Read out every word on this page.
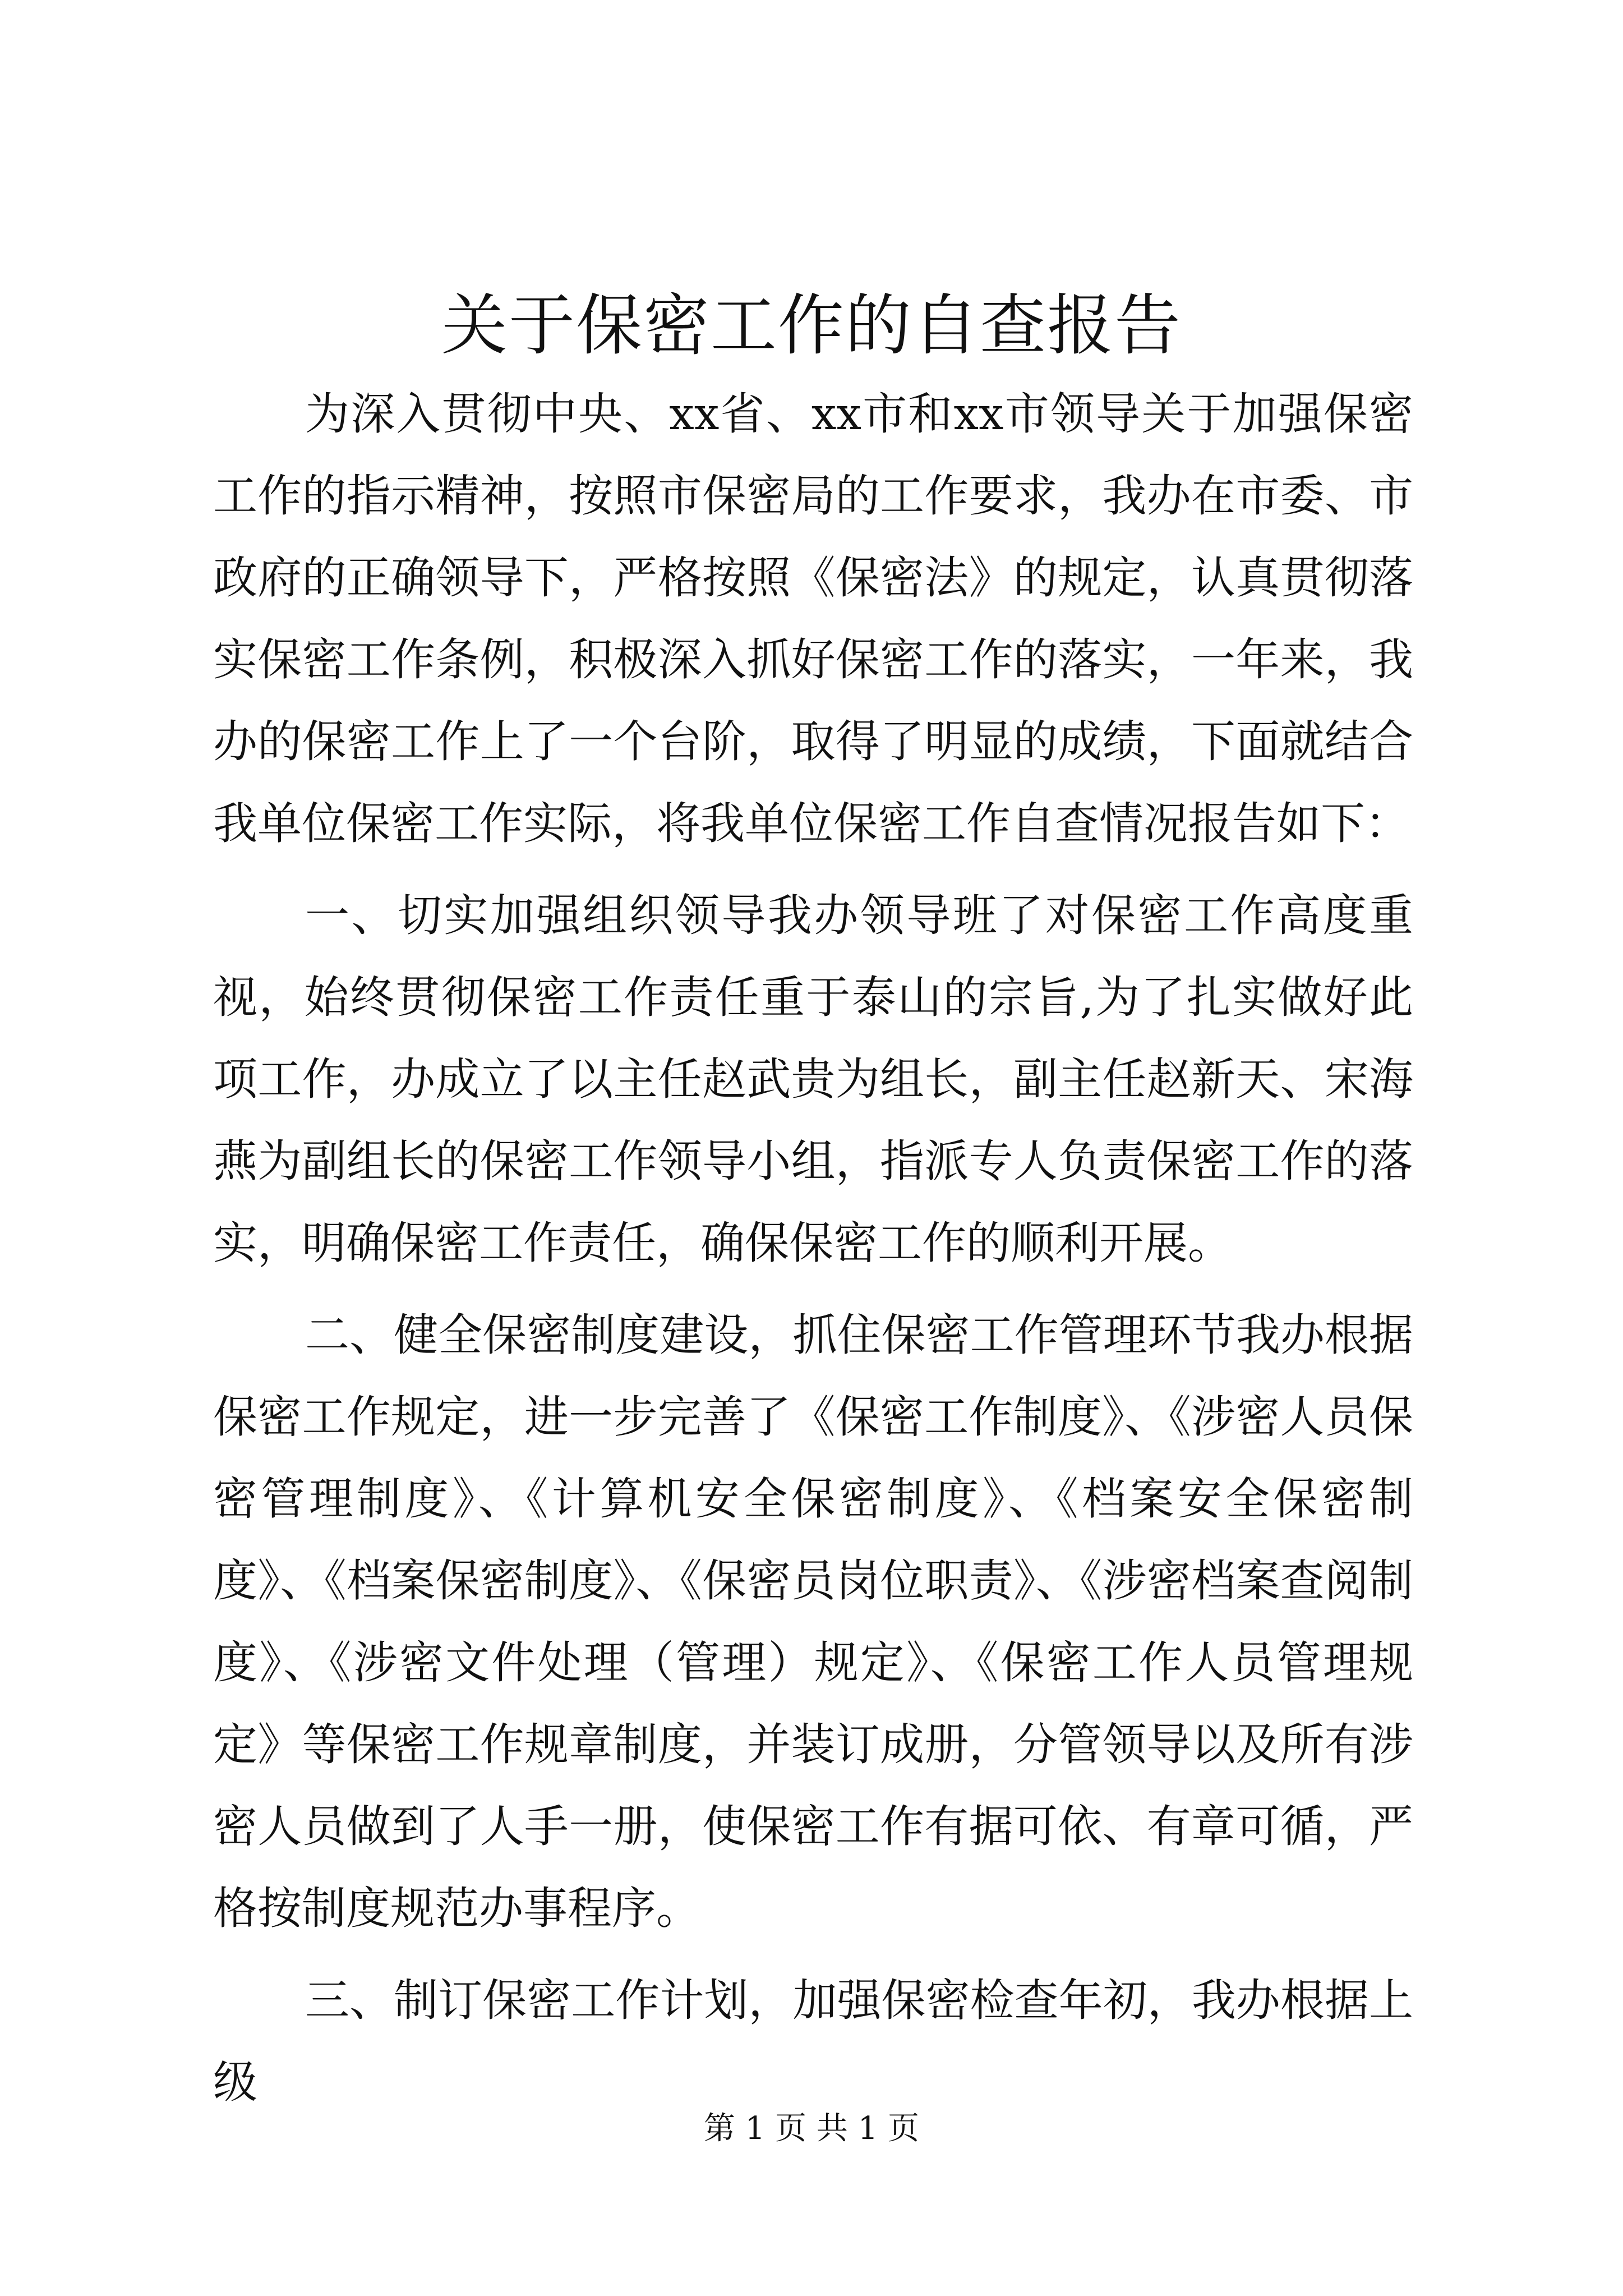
关于保密工作的自查报告

为深入贯彻中央、xx省、xx市和xx市领导关于加强保密工作的指示精神，按照市保密局的工作要求，我办在市委、市政府的正确领导下，严格按照《保密法》的规定，认真贯彻落实保密工作条例，积极深入抓好保密工作的落实，一年来，我办的保密工作上了一个台阶，取得了明显的成绩，下面就结合我单位保密工作实际，将我单位保密工作自查情况报告如下：

一、切实加强组织领导我办领导班了对保密工作高度重视，始终贯彻保密工作责任重于泰山的宗旨,为了扎实做好此项工作，办成立了以主任赵武贵为组长，副主任赵新天、宋海燕为副组长的保密工作领导小组，指派专人负责保密工作的落实，明确保密工作责任，确保保密工作的顺利开展。

二、健全保密制度建设，抓住保密工作管理环节我办根据保密工作规定，进一步完善了《保密工作制度》、《涉密人员保密管理制度》、《计算机安全保密制度》、《档案安全保密制度》、《档案保密制度》、《保密员岗位职责》、《涉密档案查阅制度》、《涉密文件处理（管理）规定》、《保密工作人员管理规定》等保密工作规章制度，并装订成册，分管领导以及所有涉密人员做到了人手一册，使保密工作有据可依、有章可循，严格按制度规范办事程序。

三、制订保密工作计划，加强保密检查年初，我办根据上级

第 1 页 共 1 页
